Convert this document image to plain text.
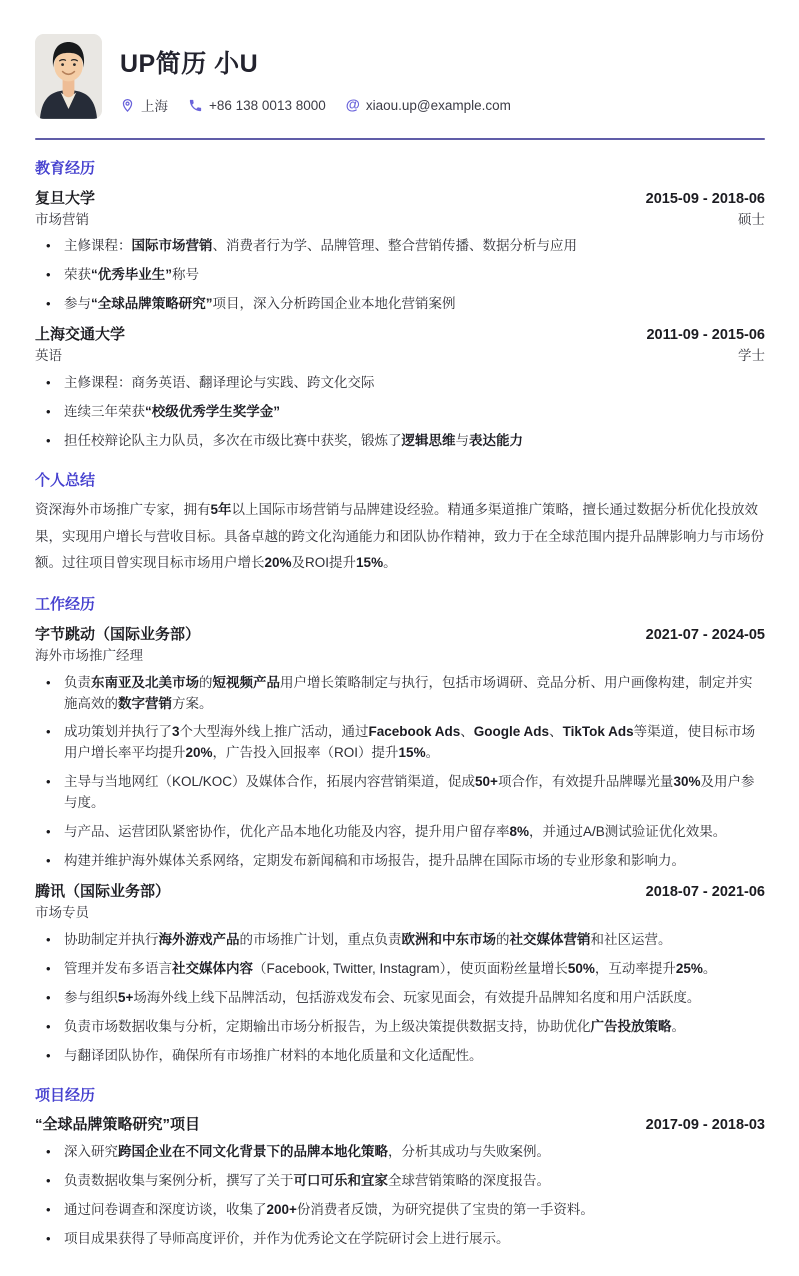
UP简历 小U
上海	+86 138 0013 8000 @ xiaou.up@example.com
教育经历
复旦大学	2015-09 - 2018-06
市场营销	硕士
• 主修课程：国际市场营销、消费者行为学、品牌管理、整合营销传播、数据分析与应用
• 荣获“优秀毕业生”称号
• 参与“全球品牌策略研究”项目，深入分析跨国企业本地化营销案例
上海交通大学	2011-09 - 2015-06
英语	学士
• 主修课程：商务英语、翻译理论与实践、跨文化交际
• 连续三年荣获“校级优秀学生奖学金”
• 担任校辩论队主力队员，多次在市级比赛中获奖，锻炼了逻辑思维与表达能力
个人总结

资深海外市场推广专家，拥有5年以上国际市场营销与品牌建设经验。精通多渠道推广策略，擅长通过数据分析优化投放效果，实现用户增长与营收目标。具备卓越的跨文化沟通能力和团队协作精神，致力于在全球范围内提升品牌影响力与市场份额。过往项目曾实现目标市场用户增长20%及ROI提升15%。

工作经历
字节跳动（国际业务部）	2021-07 - 2024-05
海外市场推广经理
• 负责东南亚及北美市场的短视频产品用户增长策略制定与执行，包括市场调研、竞品分析、用户画像构建，制定并实施高效的数字营销方案。
• 成功策划并执行了3个大型海外线上推广活动，通过Facebook Ads、Google Ads、TikTok Ads等渠道，使目标市场用户增长率平均提升20%，广告投入回报率（ROI）提升15%。
• 主导与当地网红（KOL/KOC）及媒体合作，拓展内容营销渠道，促成50+项合作，有效提升品牌曝光量30%及用户参与度。
• 与产品、运营团队紧密协作，优化产品本地化功能及内容，提升用户留存率8%，并通过A/B测试验证优化效果。
• 构建并维护海外媒体关系网络，定期发布新闻稿和市场报告，提升品牌在国际市场的专业形象和影响力。
腾讯（国际业务部）	2018-07 - 2021-06
市场专员
• 协助制定并执行海外游戏产品的市场推广计划，重点负责欧洲和中东市场的社交媒体营销和社区运营。
• 管理并发布多语言社交媒体内容（Facebook, Twitter, Instagram），使页面粉丝量增长50%，互动率提升25%。
• 参与组织5+场海外线上线下品牌活动，包括游戏发布会、玩家见面会，有效提升品牌知名度和用户活跃度。
• 负责市场数据收集与分析，定期输出市场分析报告，为上级决策提供数据支持，协助优化广告投放策略。
• 与翻译团队协作，确保所有市场推广材料的本地化质量和文化适配性。
项目经历
“全球品牌策略研究”项目	2017-09 - 2018-03
• 深入研究跨国企业在不同文化背景下的品牌本地化策略，分析其成功与失败案例。
• 负责数据收集与案例分析，撰写了关于可口可乐和宜家全球营销策略的深度报告。
• 通过问卷调查和深度访谈，收集了200+份消费者反馈，为研究提供了宝贵的第一手资料。
• 项目成果获得了导师高度评价，并作为优秀论文在学院研讨会上进行展示。
